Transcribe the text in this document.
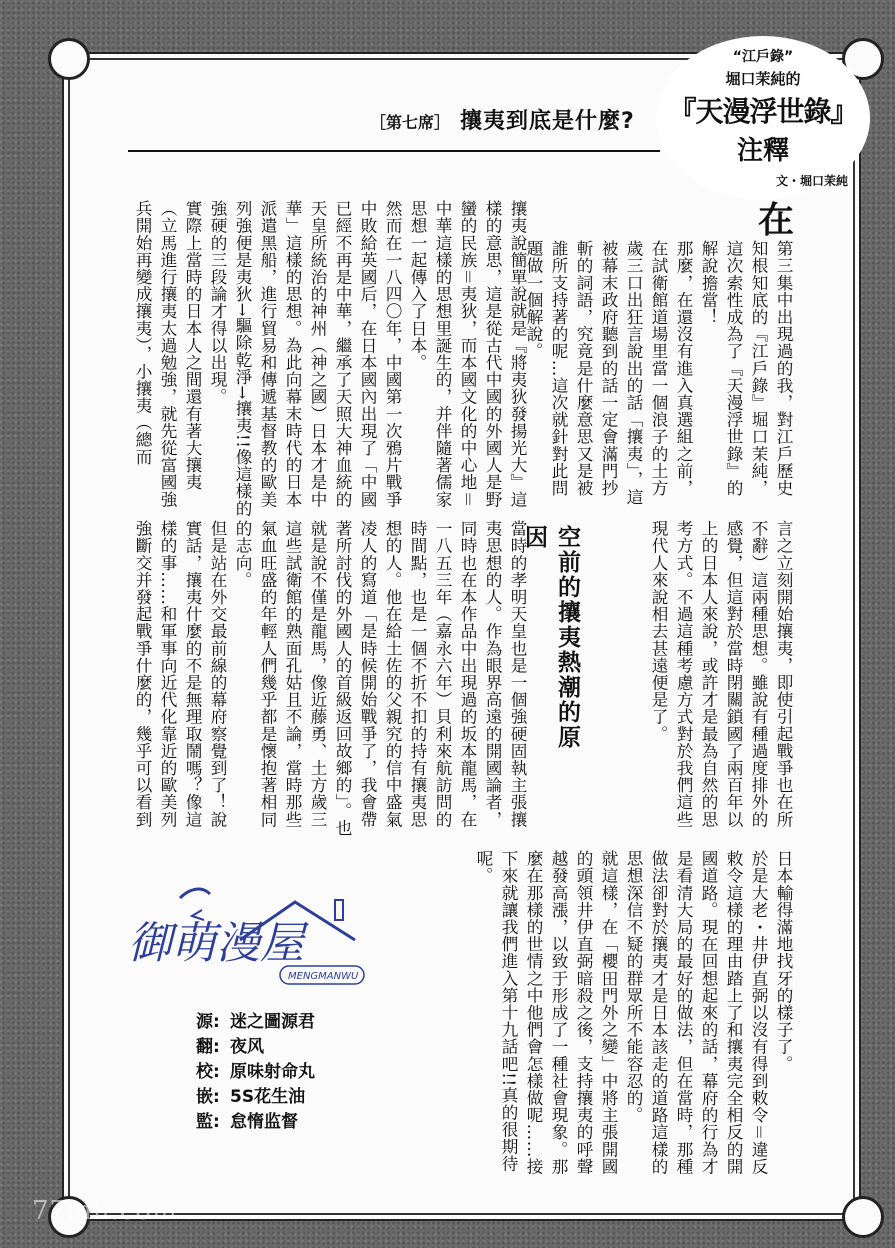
［第七席］ 攘夷到底是什麼?
“江戶錄”
堀口茉純的
『天漫浮世錄』
注釋
文・堀口茉純
在
第三集中出現過的我，對江戶歷史知根知底的『江戶錄』堀口茉純，這次索性成為了『天漫浮世錄』的解說擔當！
那麼，在還沒有進入真選組之前，在試衛館道場里當一個浪子的土方歲三口出狂言說出的話「攘夷」，這被幕末政府聽到的話一定會滿門抄斬的詞語，究竟是什麼意思又是被誰所支持著的呢…這次就針對此問題做一個解說。
攘夷說簡單說就是『將夷狄發揚光大』這樣的意思，這是從古代中國的外國人是野蠻的民族＝夷狄，而本國文化的中心地＝中華這樣的思想里誕生的，并伴隨著儒家思想一起傳入了日本。
然而在一八四〇年，中國第一次鴉片戰爭中敗給英國后，在日本國內出現了「中國已經不再是中華，繼承了天照大神血統的天皇所統治的神州（神之國）日本才是中華」這樣的思想。為此向幕末時代的日本派遣黑船，進行貿易和傳遞基督教的歐美列強便是夷狄→驅除乾淨→攘夷!!像這樣的強硬的三段論才得以出現。
實際上當時的日本人之間還有著大攘夷（立馬進行攘夷太過勉強，就先從富國強兵開始再變成攘夷），小攘夷（總而
言之立刻開始攘夷，即使引起戰爭也在所不辭）這兩種思想。雖說有種過度排外的感覺，但這對於當時閉關鎖國了兩百年以上的日本人來說，或許才是最為自然的思考方式。不過這種考慮方式對於我們這些現代人來說相去甚遠便是了。
空前的攘夷熱潮的原因
當時的孝明天皇也是一個強硬固執主張攘夷思想的人。作為眼界高遠的開國論者，同時也在本作品中出現過的坂本龍馬，在一八五三年（嘉永六年）貝利來航訪問的時間點，也是一個不折不扣的持有攘夷思想的人。他在給土佐的父親究的信中盛氣凌人的寫道「是時候開始戰爭了，我會帶著所討伐的外國人的首級返回故鄉的」。也就是說不僅是龍馬，像近藤勇、土方歲三這些試衛館的熟面孔姑且不論，當時那些氣血旺盛的年輕人們幾乎都是懷抱著相同的志向。
但是站在外交最前線的幕府察覺到了！說實話，攘夷什麼的不是無理取鬧嗎？像這樣的事……和軍事向近代化靠近的歐美列強斷交并發起戰爭什麼的，幾乎可以看到
日本輸得滿地找牙的樣子了。
於是大老・井伊直弼以沒有得到敕令＝違反敕令這樣的理由踏上了和攘夷完全相反的開國道路。現在回想起來的話，幕府的行為才是看清大局的最好的做法，但在當時，那種做法卻對於攘夷才是日本該走的道路這樣的思想深信不疑的群眾所不能容忍的。
就這樣，在「櫻田門外之變」中將主張開國的頭領井伊直弼暗殺之後，支持攘夷的呼聲越發高漲，以致于形成了一種社會現象。那麼在那樣的世情之中他們會怎樣做呢……接下來就讓我們進入第十九話吧!!真的很期待呢。
御萌漫屋
MENGMANWU
源: 迷之圖源君
翻: 夜风
校: 原味射命丸
嵌: 5S花生油
監: 怠惰监督
77mh.com
